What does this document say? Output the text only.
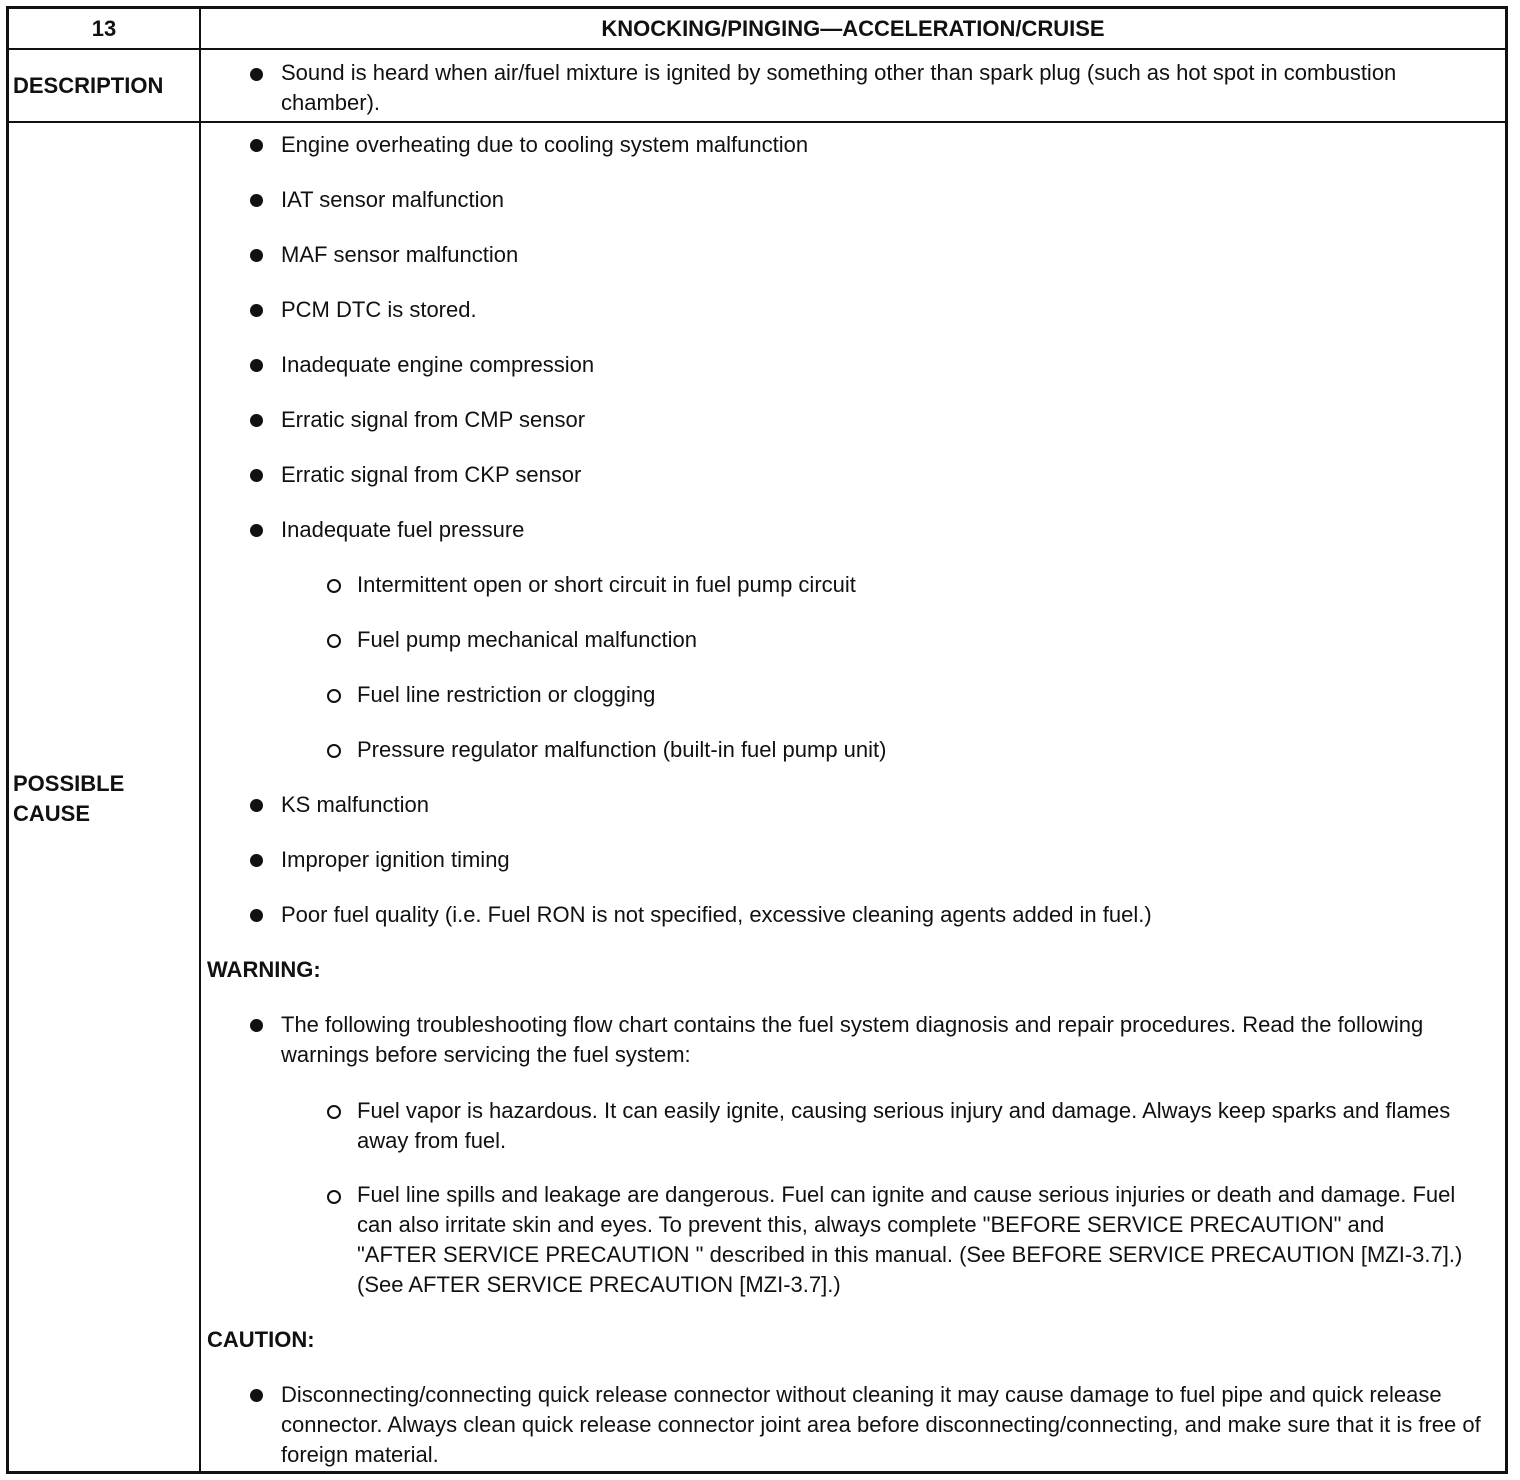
13	KNOCKING/PINGING—ACCELERATION/CRUISE
DESCRIPTION
POSSIBLE
CAUSE
Sound is heard when air/fuel mixture is ignited by something other than spark plug (such as hot spot in combustion chamber).
Engine overheating due to cooling system malfunction
IAT sensor malfunction
MAF sensor malfunction
PCM DTC is stored.
Inadequate engine compression
Erratic signal from CMP sensor
Erratic signal from CKP sensor
Inadequate fuel pressure
Intermittent open or short circuit in fuel pump circuit
Fuel pump mechanical malfunction
Fuel line restriction or clogging
Pressure regulator malfunction (built-in fuel pump unit)
KS malfunction
Improper ignition timing
Poor fuel quality (i.e. Fuel RON is not specified, excessive cleaning agents added in fuel.)
WARNING:
The following troubleshooting flow chart contains the fuel system diagnosis and repair procedures. Read the following warnings before servicing the fuel system:
Fuel vapor is hazardous. It can easily ignite, causing serious injury and damage. Always keep sparks and flames away from fuel.
Fuel line spills and leakage are dangerous. Fuel can ignite and cause serious injuries or death and damage. Fuel can also irritate skin and eyes. To prevent this, always complete "BEFORE SERVICE PRECAUTION" and "AFTER SERVICE PRECAUTION " described in this manual. (See BEFORE SERVICE PRECAUTION [MZI-3.7].) (See AFTER SERVICE PRECAUTION [MZI-3.7].)
CAUTION:
Disconnecting/connecting quick release connector without cleaning it may cause damage to fuel pipe and quick release connector. Always clean quick release connector joint area before disconnecting/connecting, and make sure that it is free of foreign material.
